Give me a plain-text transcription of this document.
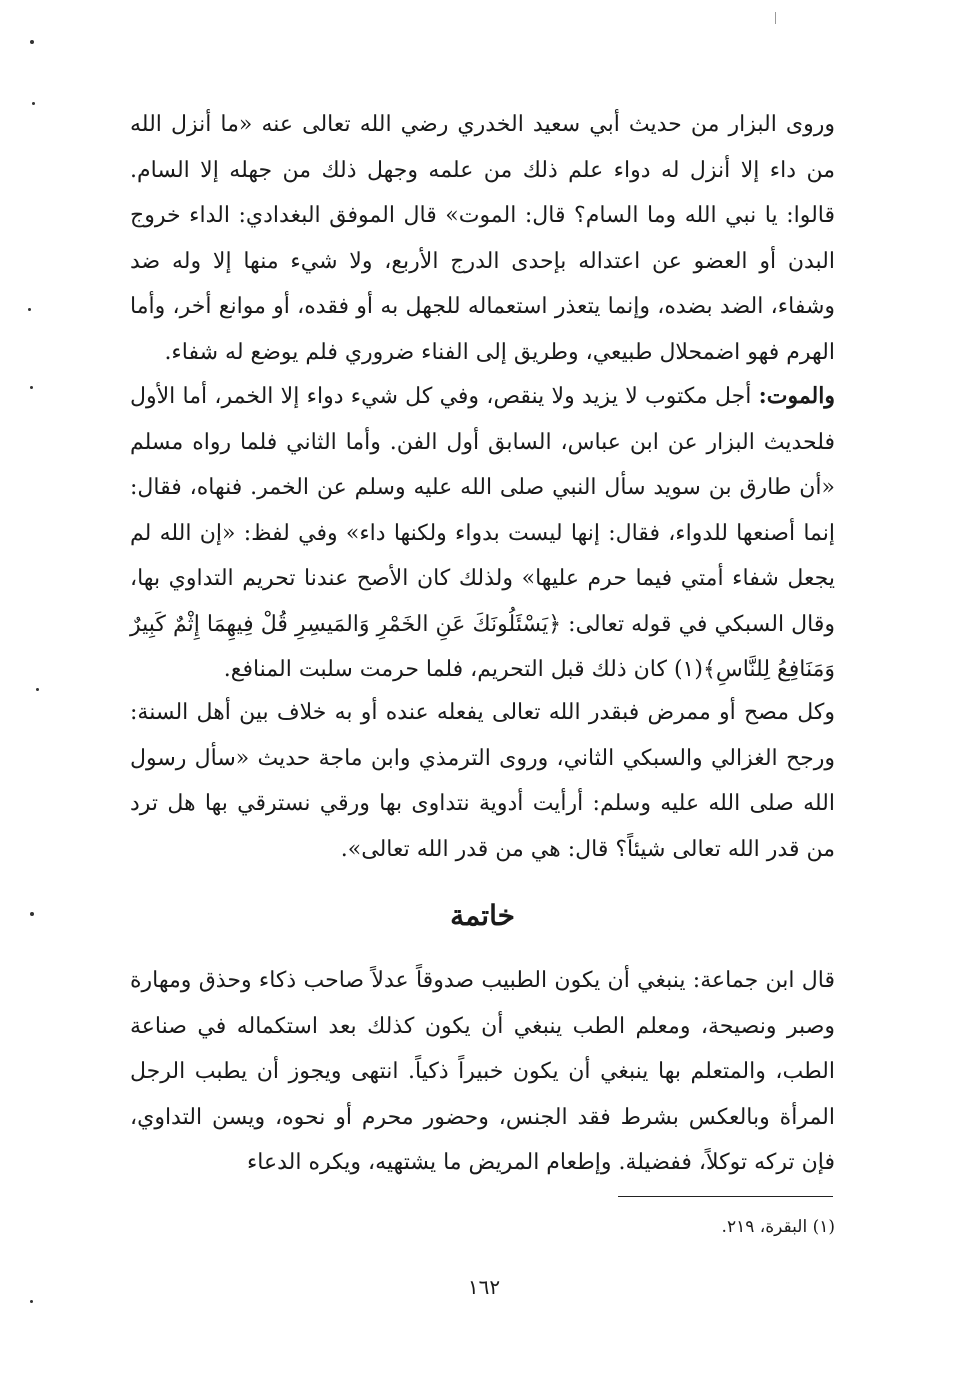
وروى البزار من حديث أبي سعيد الخدري رضي الله تعالى عنه «ما أنزل الله من داء إلا أنزل له دواء علم ذلك من علمه وجهل ذلك من جهله إلا السام. قالوا: يا نبي الله وما السام؟ قال: الموت» قال الموفق البغدادي: الداء خروج البدن أو العضو عن اعتداله بإحدى الدرج الأربع، ولا شيء منها إلا وله ضد وشفاء، الضد بضده، وإنما يتعذر استعماله للجهل به أو فقده، أو موانع أخر، وأما الهرم فهو اضمحلال طبيعي، وطريق إلى الفناء ضروري فلم يوضع له شفاء.

والموت: أجل مكتوب لا يزيد ولا ينقص، وفي كل شيء دواء إلا الخمر، أما الأول فلحديث البزار عن ابن عباس، السابق أول الفن. وأما الثاني فلما رواه مسلم «أن طارق بن سويد سأل النبي صلى الله عليه وسلم عن الخمر. فنهاه، فقال: إنما أصنعها للدواء، فقال: إنها ليست بدواء ولكنها داء» وفي لفظ: «إن الله لم يجعل شفاء أمتي فيما حرم عليها» ولذلك كان الأصح عندنا تحريم التداوي بها، وقال السبكي في قوله تعالى: ﴿يَسْئَلُونَكَ عَنِ الخَمْرِ وَالمَيسِرِ قُلْ فِيهِمَا إِثْمٌ كَبِيرٌ وَمَنَافِعُ لِلنَّاسِ﴾(١) كان ذلك قبل التحريم، فلما حرمت سلبت المنافع.

وكل مصح أو ممرض فبقدر الله تعالى يفعله عنده أو به خلاف بين أهل السنة: ورجح الغزالي والسبكي الثاني، وروى الترمذي وابن ماجة حديث «سأل رسول الله صلى الله عليه وسلم: أرأيت أدوية نتداوى بها ورقي نسترقي بها هل ترد من قدر الله تعالى شيئاً؟ قال: هي من قدر الله تعالى».

خاتمة

قال ابن جماعة: ينبغي أن يكون الطبيب صدوقاً عدلاً صاحب ذكاء وحذق ومهارة وصبر ونصيحة، ومعلم الطب ينبغي أن يكون كذلك بعد استكماله في صناعة الطب، والمتعلم بها ينبغي أن يكون خبيراً ذكياً. انتهى ويجوز أن يطبب الرجل المرأة وبالعكس بشرط فقد الجنس، وحضور محرم أو نحوه، ويسن التداوي، فإن تركه توكلاً، ففضيلة. وإطعام المريض ما يشتهيه، ويكره الدعاء

(١) البقرة، ٢١٩.

١٦٢
